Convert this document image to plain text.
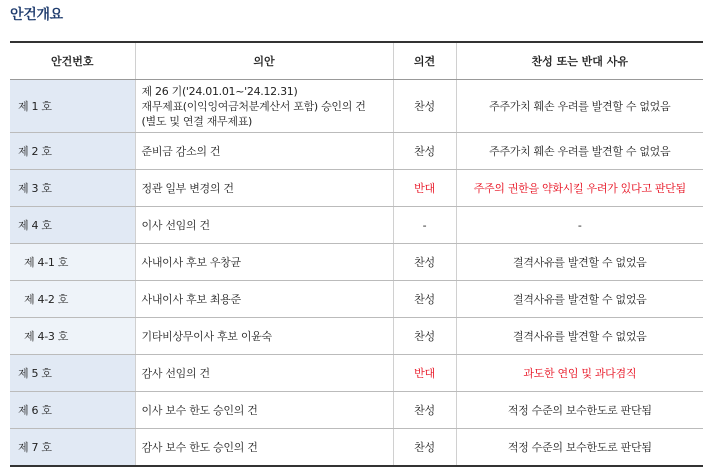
안건개요
안건번호	의안	의견	찬성 또는 반대 사유
제 1 호	제 26 기('24.01.01~'24.12.31)
재무제표(이익잉여금처분계산서 포함) 승인의 건
(별도 및 연결 재무제표)	찬성	주주가치 훼손 우려를 발견할 수 없었음
제 2 호	준비금 감소의 건	찬성	주주가치 훼손 우려를 발견할 수 없었음
제 3 호	정관 일부 변경의 건	반대	주주의 권한을 약화시킬 우려가 있다고 판단됨
제 4 호	이사 선임의 건	-	-
제 4-1 호	사내이사 후보 우창균	찬성	결격사유를 발견할 수 없었음
제 4-2 호	사내이사 후보 최용준	찬성	결격사유를 발견할 수 없었음
제 4-3 호	기타비상무이사 후보 이윤숙	찬성	결격사유를 발견할 수 없었음
제 5 호	감사 선임의 건	반대	과도한 연임 및 과다겸직
제 6 호	이사 보수 한도 승인의 건	찬성	적정 수준의 보수한도로 판단됨
제 7 호	감사 보수 한도 승인의 건	찬성	적정 수준의 보수한도로 판단됨
